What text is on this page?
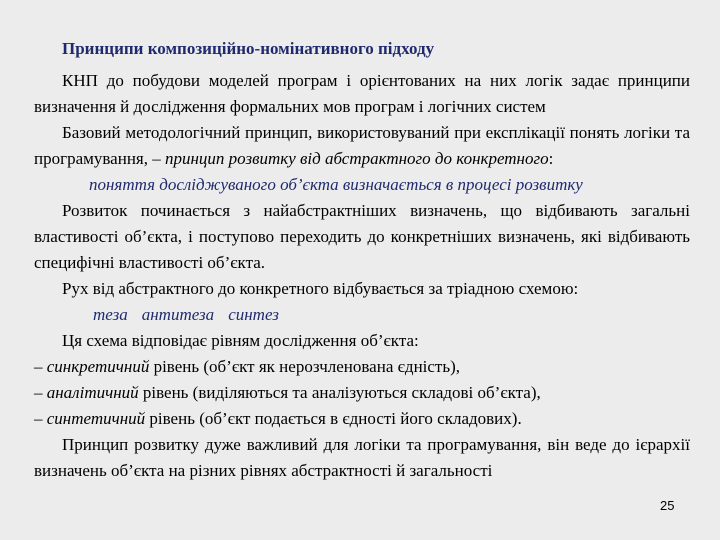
Принципи композиційно-номінативного підходу

КНП до побудови моделей програм і орієнтованих на них логік задає принципи визначення й дослідження формальних мов програм і логічних систем

Базовий методологічний принцип, використовуваний при експлікації понять логіки та програмування, – принцип розвитку від абстрактного до конкретного:

поняття досліджуваного об’єкта визначається в процесі розвитку

Розвиток починається з найабстрактніших визначень, що відбивають загальні властивості об’єкта, і поступово переходить до конкретніших визначень, які відбивають специфічні властивості об’єкта.

Рух від абстрактного до конкретного відбувається за тріадною схемою:

теза антитеза синтез

Ця схема відповідає рівням дослідження об’єкта:

– синкретичний рівень (об’єкт як нерозчленована єдність),

– аналітичний рівень (виділяються та аналізуються складові об’єкта),

– синтетичний рівень (об’єкт подається в єдності його складових).

Принцип розвитку дуже важливий для логіки та програмування, він веде до ієрархії визначень об’єкта на різних рівнях абстрактності й загальності

25
